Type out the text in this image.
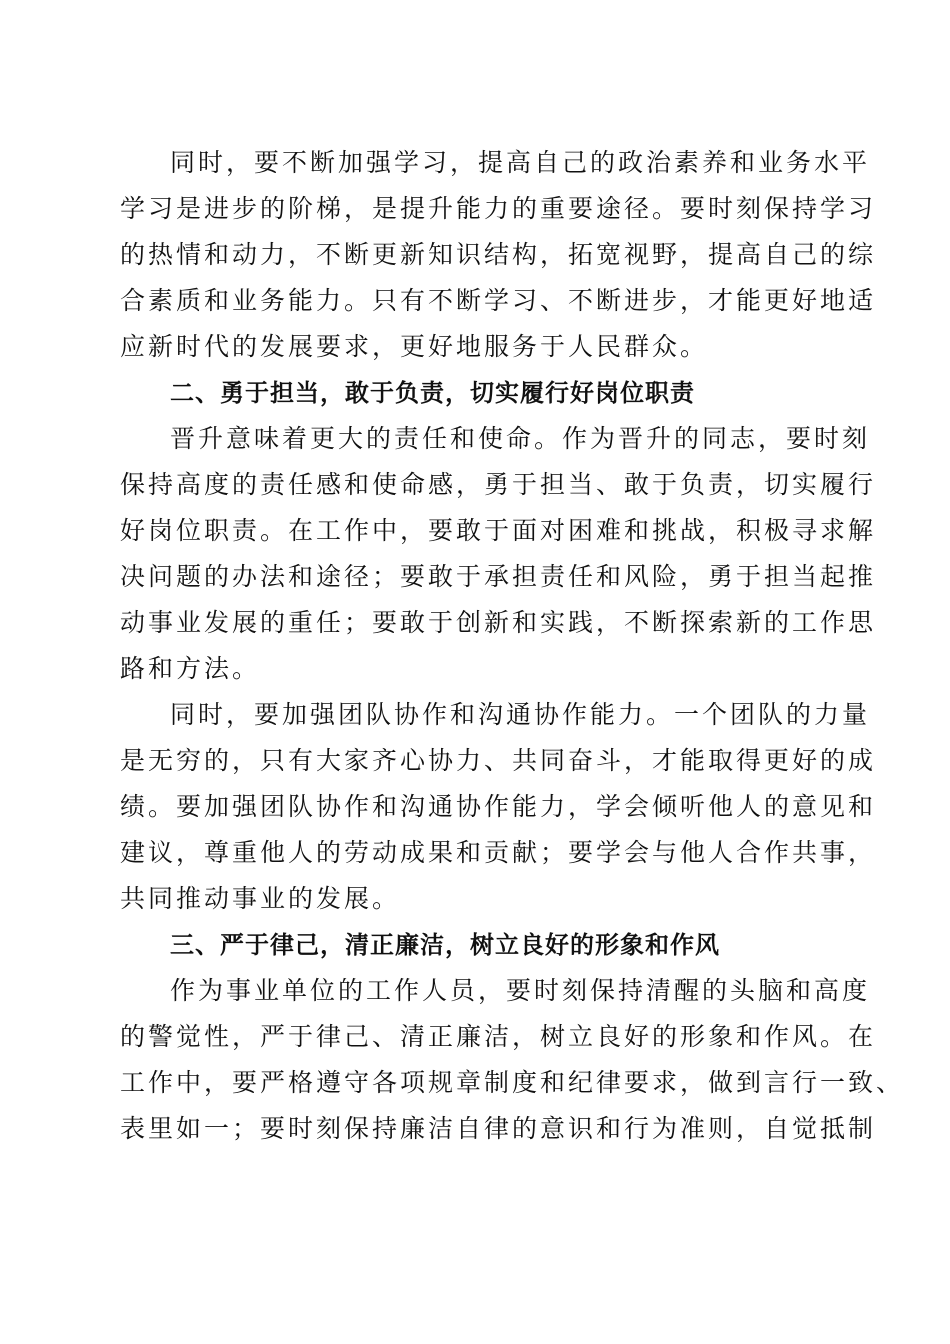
同时，要不断加强学习，提高自己的政治素养和业务水平
学习是进步的阶梯，是提升能力的重要途径。要时刻保持学习
的热情和动力，不断更新知识结构，拓宽视野，提高自己的综
合素质和业务能力。只有不断学习、不断进步，才能更好地适
应新时代的发展要求，更好地服务于人民群众。
二、勇于担当，敢于负责，切实履行好岗位职责
晋升意味着更大的责任和使命。作为晋升的同志，要时刻
保持高度的责任感和使命感，勇于担当、敢于负责，切实履行
好岗位职责。在工作中，要敢于面对困难和挑战，积极寻求解
决问题的办法和途径；要敢于承担责任和风险，勇于担当起推
动事业发展的重任；要敢于创新和实践，不断探索新的工作思
路和方法。
同时，要加强团队协作和沟通协作能力。一个团队的力量
是无穷的，只有大家齐心协力、共同奋斗，才能取得更好的成
绩。要加强团队协作和沟通协作能力，学会倾听他人的意见和
建议，尊重他人的劳动成果和贡献；要学会与他人合作共事，
共同推动事业的发展。
三、严于律己，清正廉洁，树立良好的形象和作风
作为事业单位的工作人员，要时刻保持清醒的头脑和高度
的警觉性，严于律己、清正廉洁，树立良好的形象和作风。在
工作中，要严格遵守各项规章制度和纪律要求，做到言行一致、
表里如一；要时刻保持廉洁自律的意识和行为准则，自觉抵制
